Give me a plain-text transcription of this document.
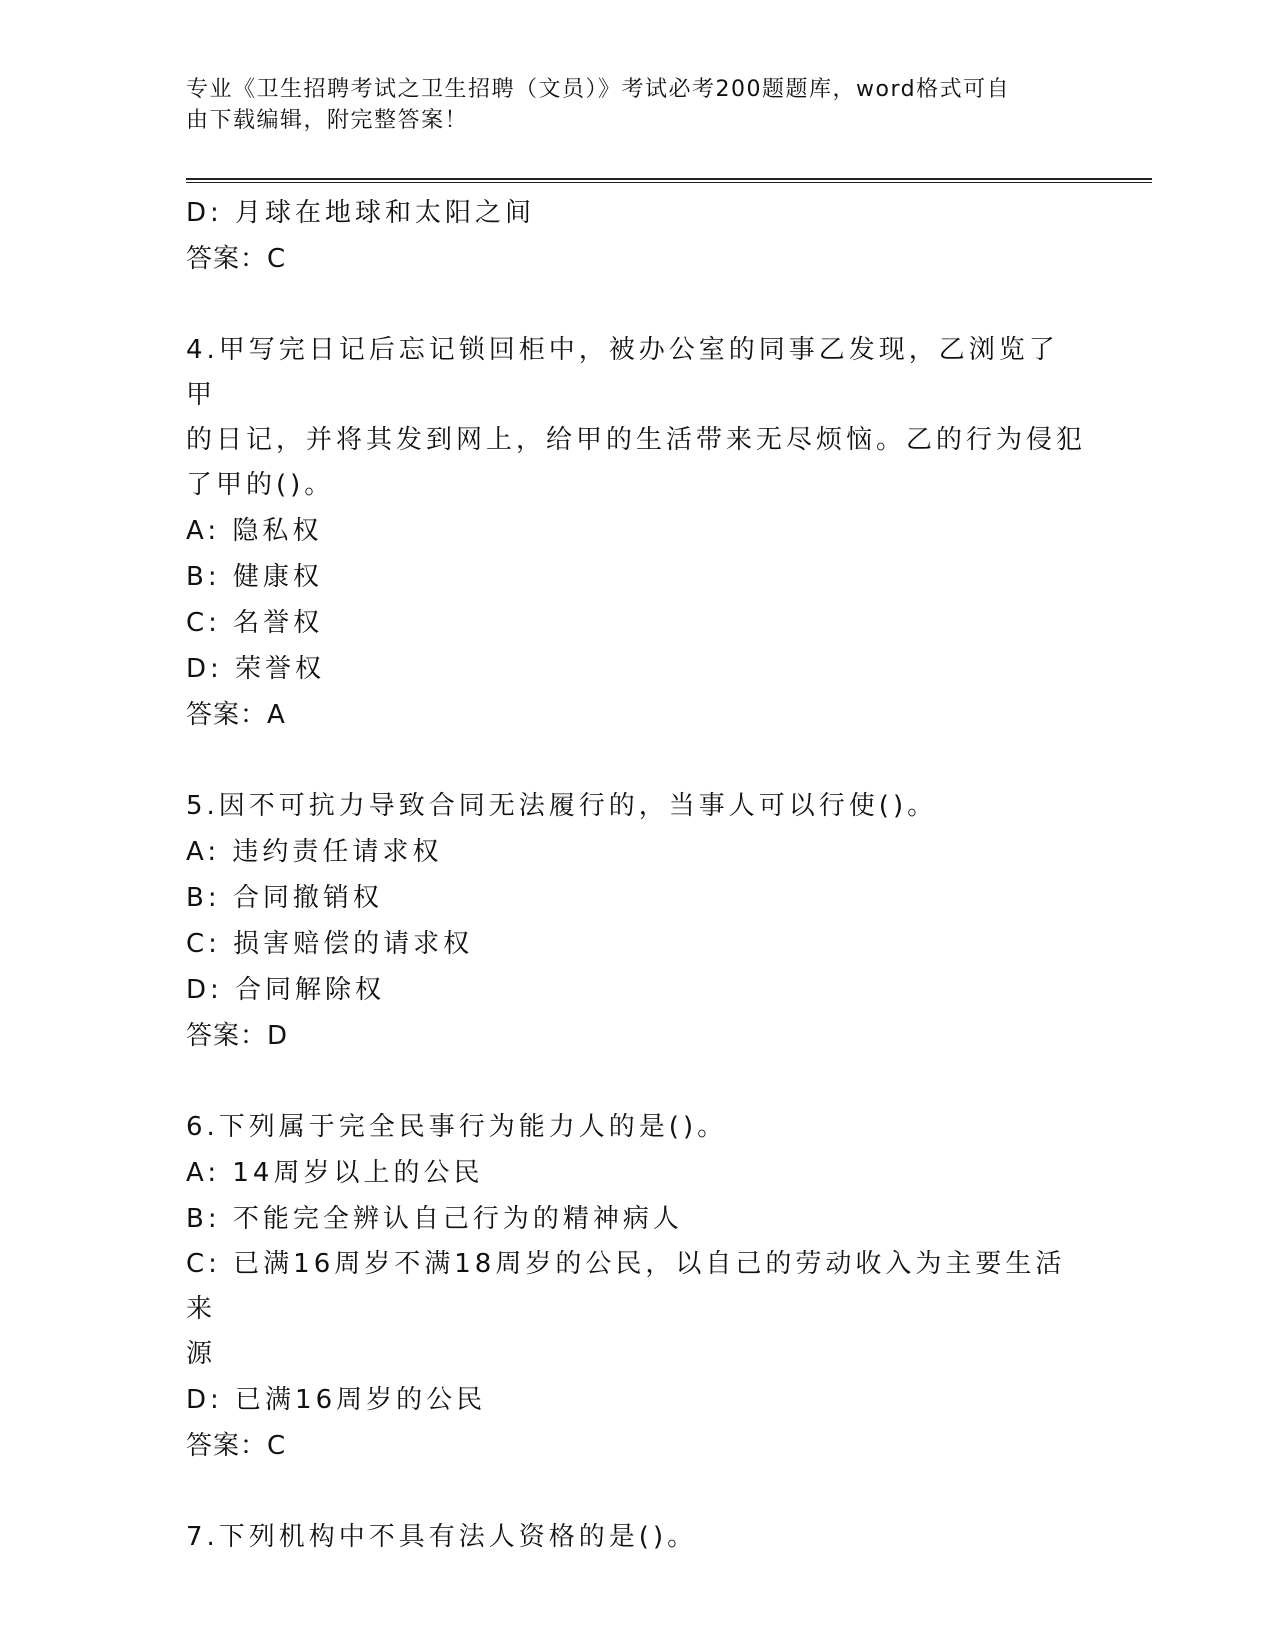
专业《卫生招聘考试之卫生招聘（文员）》考试必考200题题库，word格式可自
由下载编辑，附完整答案！
D: 月球在地球和太阳之间
答案：C
4.甲写完日记后忘记锁回柜中，被办公室的同事乙发现，乙浏览了甲
的日记，并将其发到网上，给甲的生活带来无尽烦恼。乙的行为侵犯
了甲的()。
A: 隐私权
B: 健康权
C: 名誉权
D: 荣誉权
答案：A
5.因不可抗力导致合同无法履行的，当事人可以行使()。
A: 违约责任请求权
B: 合同撤销权
C: 损害赔偿的请求权
D: 合同解除权
答案：D
6.下列属于完全民事行为能力人的是()。
A: 14周岁以上的公民
B: 不能完全辨认自己行为的精神病人
C: 已满16周岁不满18周岁的公民，以自己的劳动收入为主要生活来
源
D: 已满16周岁的公民
答案：C
7.下列机构中不具有法人资格的是()。
